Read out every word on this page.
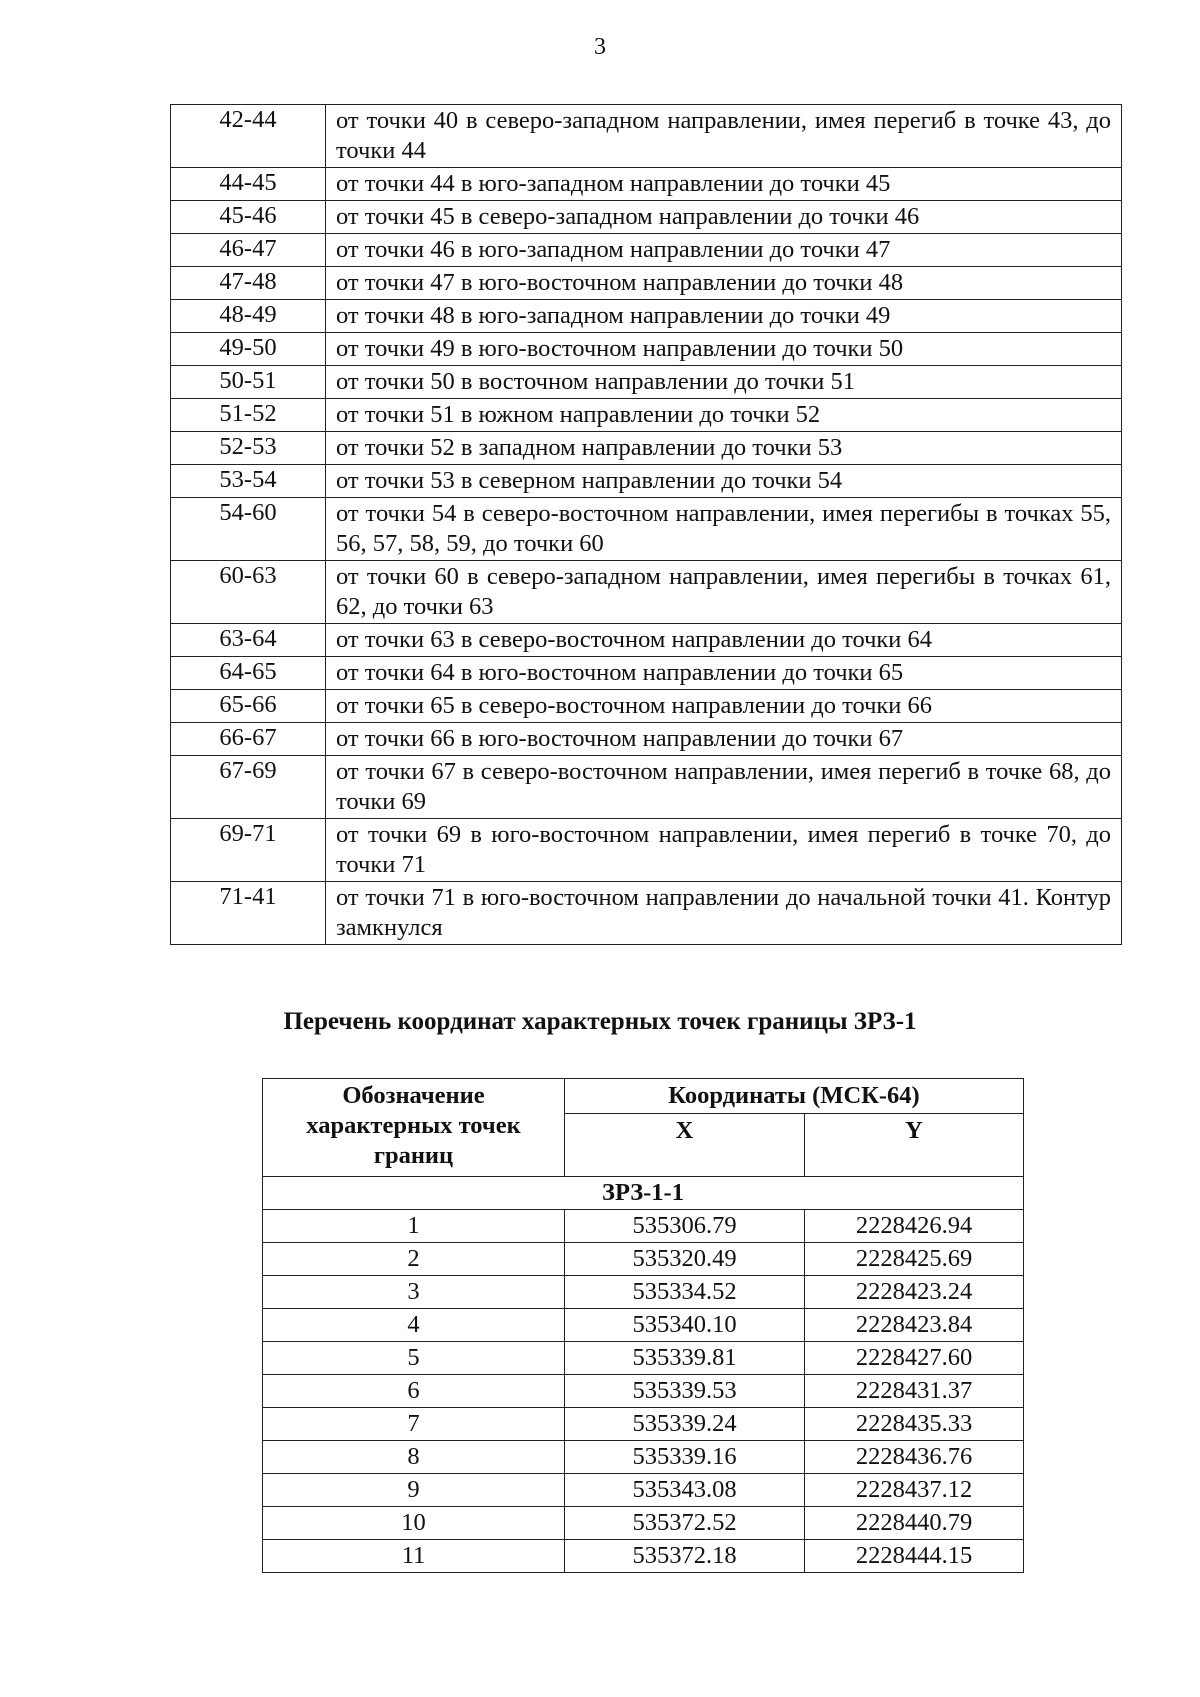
3
42-44	от точки 40 в северо-западном направлении, имея перегиб в точке 43, до точки 44
44-45	от точки 44 в юго-западном направлении до точки 45
45-46	от точки 45 в северо-западном направлении до точки 46
46-47	от точки 46 в юго-западном направлении до точки 47
47-48	от точки 47 в юго-восточном направлении до точки 48
48-49	от точки 48 в юго-западном направлении до точки 49
49-50	от точки 49 в юго-восточном направлении до точки 50
50-51	от точки 50 в восточном направлении до точки 51
51-52	от точки 51 в южном направлении до точки 52
52-53	от точки 52 в западном направлении до точки 53
53-54	от точки 53 в северном направлении до точки 54
54-60	от точки 54 в северо-восточном направлении, имея перегибы в точках 55, 56, 57, 58, 59, до точки 60
60-63	от точки 60 в северо-западном направлении, имея перегибы в точках 61, 62, до точки 63
63-64	от точки 63 в северо-восточном направлении до точки 64
64-65	от точки 64 в юго-восточном направлении до точки 65
65-66	от точки 65 в северо-восточном направлении до точки 66
66-67	от точки 66 в юго-восточном направлении до точки 67
67-69	от точки 67 в северо-восточном направлении, имея перегиб в точке 68, до точки 69
69-71	от точки 69 в юго-восточном направлении, имея перегиб в точке 70, до точки 71
71-41	от точки 71 в юго-восточном направлении до начальной точки 41. Контур замкнулся
Перечень координат характерных точек границы ЗРЗ-1
Обозначение характерных точек границ	Координаты (МСК-64)	
	X	Y
ЗРЗ-1-1		
1	535306.79	2228426.94
2	535320.49	2228425.69
3	535334.52	2228423.24
4	535340.10	2228423.84
5	535339.81	2228427.60
6	535339.53	2228431.37
7	535339.24	2228435.33
8	535339.16	2228436.76
9	535343.08	2228437.12
10	535372.52	2228440.79
11	535372.18	2228444.15
